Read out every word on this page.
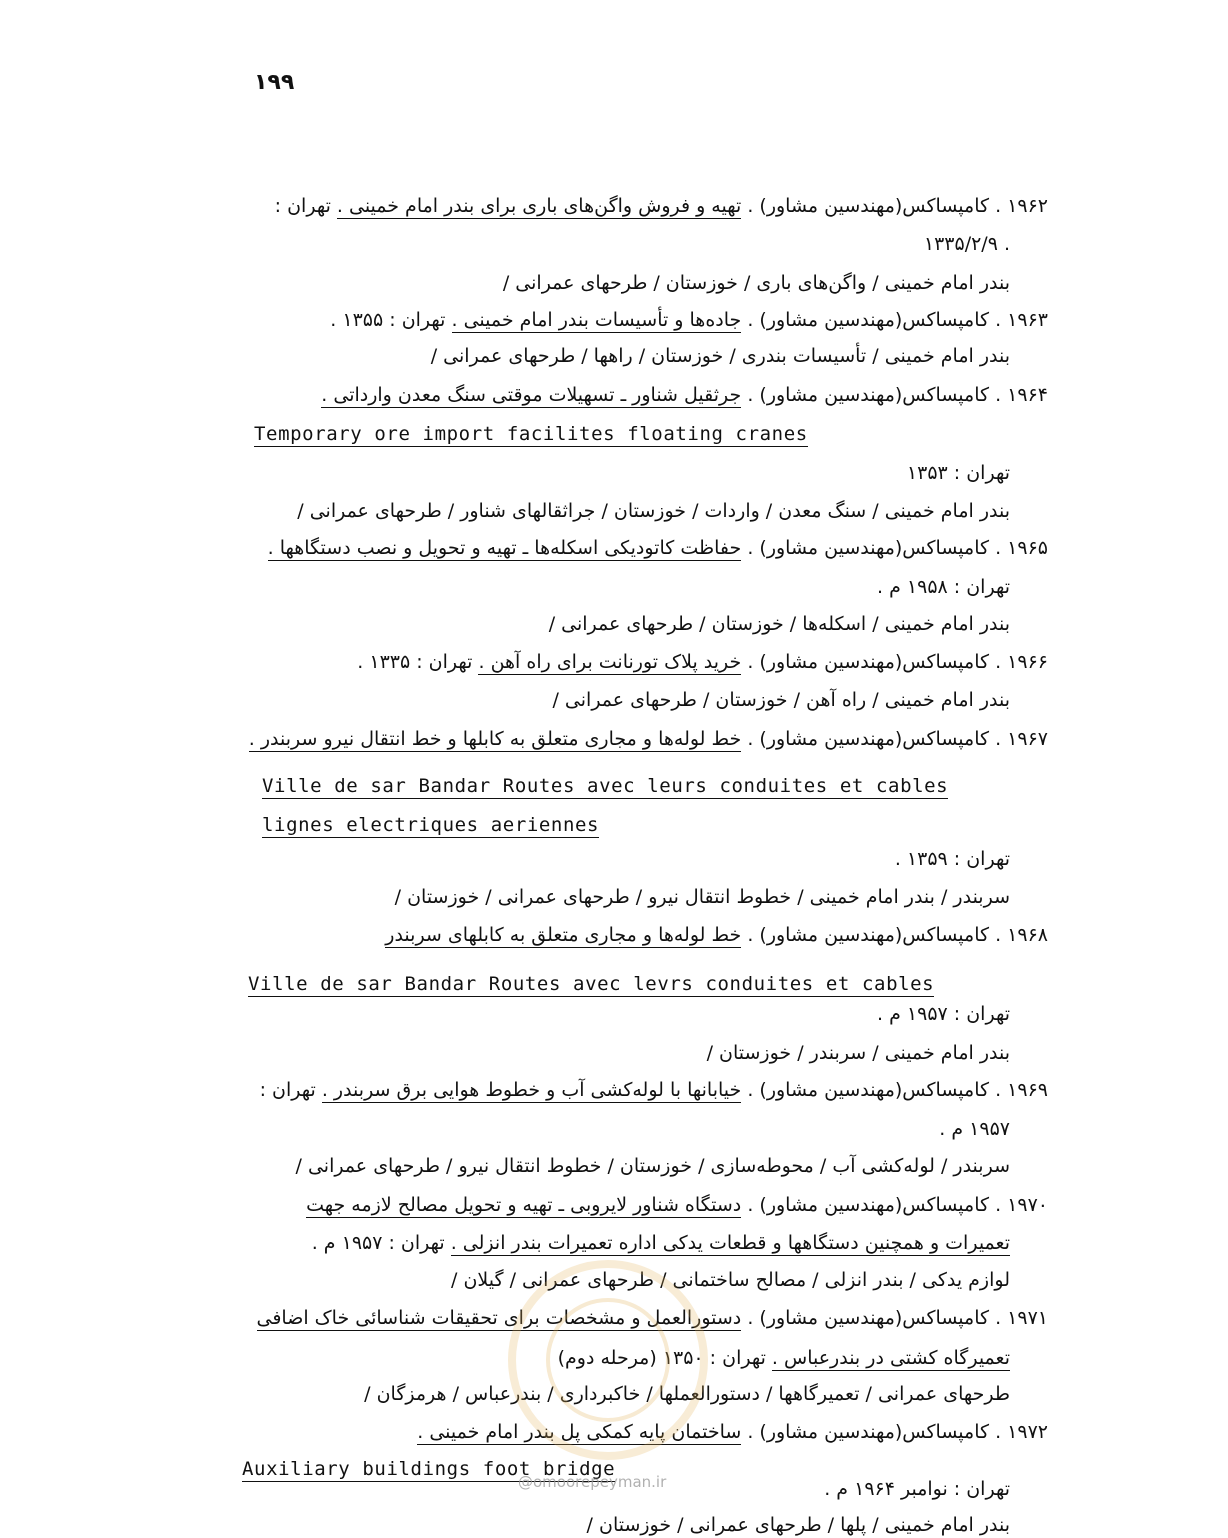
۱۹۹
۱۹۶۲ . کامپساکس(مهندسین مشاور) . تهیه و فروش واگن‌های باری برای بندر امام خمینی . تهران :
۱۳۳۵/۲/۹ .
بندر امام خمینی / واگن‌های باری / خوزستان / طرحهای عمرانی /
۱۹۶۳ . کامپساکس(مهندسین مشاور) . جاده‌ها و تأسیسات بندر امام خمینی . تهران : ۱۳۵۵ .
بندر امام خمینی / تأسیسات بندری / خوزستان / راهها / طرحهای عمرانی /
۱۹۶۴ . کامپساکس(مهندسین مشاور) . جرثقیل شناور ـ تسهیلات موقتی سنگ معدن وارداتی .
Temporary ore import facilites floating cranes
تهران : ۱۳۵۳
بندر امام خمینی / سنگ معدن / واردات / خوزستان / جراثقالهای شناور / طرحهای عمرانی /
۱۹۶۵ . کامپساکس(مهندسین مشاور) . حفاظت کاتودیکی اسکله‌ها ـ تهیه و تحویل و نصب دستگاهها .
تهران : ۱۹۵۸ م .
بندر امام خمینی / اسکله‌ها / خوزستان / طرحهای عمرانی /
۱۹۶۶ . کامپساکس(مهندسین مشاور) . خرید پلاک تورنانت برای راه آهن . تهران : ۱۳۳۵ .
بندر امام خمینی / راه آهن / خوزستان / طرحهای عمرانی /
۱۹۶۷ . کامپساکس(مهندسین مشاور) . خط لوله‌ها و مجاری متعلق به کابلها و خط انتقال نیرو سربندر .
Ville de sar Bandar Routes avec leurs conduites et cables
lignes electriques aeriennes
تهران : ۱۳۵۹ .
سربندر / بندر امام خمینی / خطوط انتقال نیرو / طرحهای عمرانی / خوزستان /
۱۹۶۸ . کامپساکس(مهندسین مشاور) . خط لوله‌ها و مجاری متعلق به کابلهای سربندر
Ville de sar Bandar Routes avec levrs conduites et cables
تهران : ۱۹۵۷ م .
بندر امام خمینی / سربندر / خوزستان /
۱۹۶۹ . کامپساکس(مهندسین مشاور) . خیابانها با لوله‌کشی آب و خطوط هوایی برق سربندر . تهران :
۱۹۵۷ م .
سربندر / لوله‌کشی آب / محوطه‌سازی / خوزستان / خطوط انتقال نیرو / طرحهای عمرانی /
۱۹۷۰ . کامپساکس(مهندسین مشاور) . دستگاه شناور لایروبی ـ تهیه و تحویل مصالح لازمه جهت
تعمیرات و همچنین دستگاهها و قطعات یدکی اداره تعمیرات بندر انزلی . تهران : ۱۹۵۷ م .
لوازم یدکی / بندر انزلی / مصالح ساختمانی / طرحهای عمرانی / گیلان /
۱۹۷۱ . کامپساکس(مهندسین مشاور) . دستورالعمل و مشخصات برای تحقیقات شناسائی خاک اضافی
تعمیرگاه کشتی در بندرعباس . تهران : ۱۳۵۰ (مرحله دوم)
طرحهای عمرانی / تعمیرگاهها / دستورالعملها / خاکبرداری / بندرعباس / هرمزگان /
۱۹۷۲ . کامپساکس(مهندسین مشاور) . ساختمان پایه کمکی پل بندر امام خمینی .
Auxiliary buildings foot bridge
تهران : نوامبر ۱۹۶۴ م .
بندر امام خمینی / پلها / طرحهای عمرانی / خوزستان /
@omoorepeyman.ir
